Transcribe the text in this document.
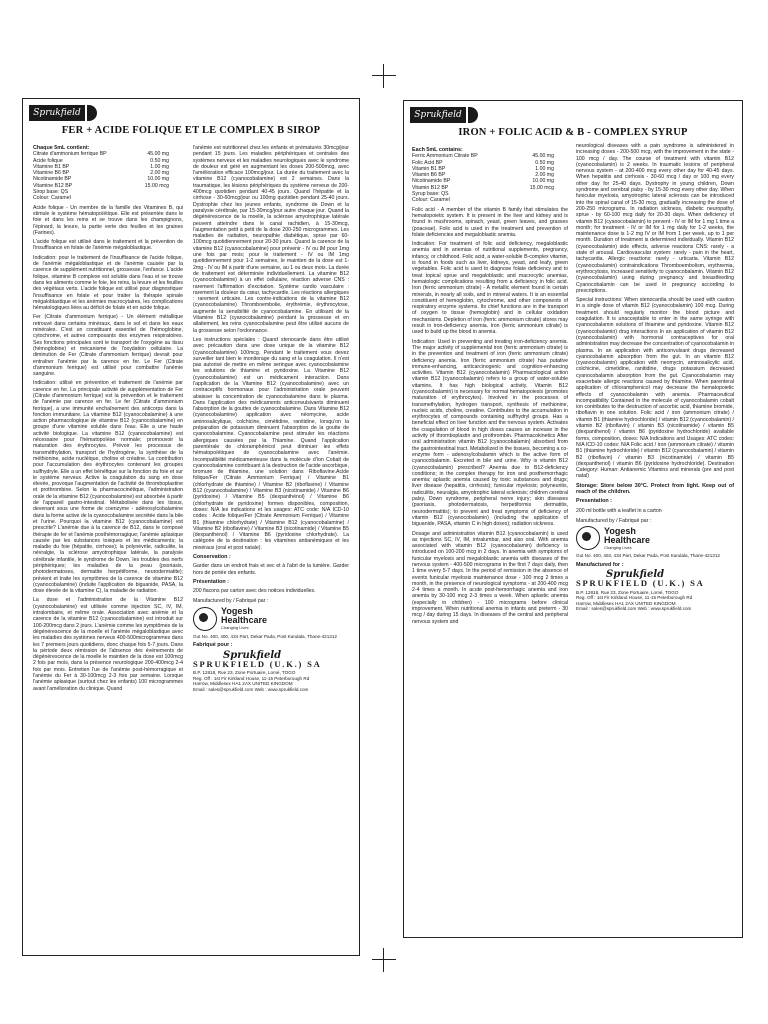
Sprukfield
FER + ACIDE FOLIQUE ET LE COMPLEX B SIROP
Chaque 5mL contient:
Citrate d'ammonium ferrique BP	45.00 mg
Acide folique	0.50 mg
Vitamine B1 BP	1.00 mg
Vitamine B6 BP	2.00 mg
Nicotinamide BP	10.00 mg
Vitamine B12 BP	15.00 mcg
Sirop base: QS	
Colour: Caramel	

Acide folique - Un membre de la famille des Vitamines B, qui stimule le système hématopoïétique. Elle est présentée dans le foie et dans les reins et se trouve dans les champignons, l'épinard, la levure, la partie verte des feuilles et les graines (Farines).

L'acide folique est utilisé dans le traitement et la prévention de l'insuffisance en folate de l'anémie mégaloblastique.

Indication: pour le traitement de l'insuffisance de l'acide folique, de l'anémie mégaloblastique et de l'anémie causée par la carence de supplément nutritionnel, grossesse, l'enfance. L'acide folique, vitamine B complexe est soluble dans l'eau et se trouve dans les aliments comme le foie, les reins, la levure et les feuilles des végétaux verts. L'acide folique est utilisé pour diagnostiquer l'insuffisance en folate et pour traiter la thérapie spinale mégaloblastique et les anémies macrocytaires, les complications hématologiques liées au déficit de folate et en acide folique.

Fer (Citrate d'ammonium ferrique) - Un élément métallique retrouvé dans certains minéraux, dans le sol et dans les eaux minérales. C'est un constituant essentiel de l'hémoglobine, cytochrome, et autres composants des enzymes respiratoires. Ses fonctions principales sont le transport de l'oxygène au tissu (hémoglobine) et mécanisme de l'oxydation cellulaire. La diminution de Fer (Citrate d'ammonium ferrique) devrait pour entraîner l'anémie par la carence en fer. Le Fer (Citrate d'ammonium ferrique) est utilisé pour combattre l'anémie sanguine.

Indication: utilisé en prévention et traitement de l'anémie par carence en fer. La principale activité de supplémentation de Fer (Citrate d'ammonium ferrique) est la prévention et le traitement de l'anémie par carence en fer. Le fer (Citrate d'ammonium ferrique), a une immunité enchaînement des anticorps dans la fonction immunitaire. La vitamine B12 (cyanocobalamine) à une action pharmacologique de vitamine B12 (cyanocobalamine) en groupe d'une vitamine soluble dans l'eau. Elle a une haute activité biologique. La vitamine B12 (cyanocobalamine) est nécessaire pour l'hématopoïèse normale; promouvoir la maturation des érythrocytes. Prévoir les processus de transméthylation, transport de l'hydrogène, la synthèse de la méthionine, acide nucléique, choline et créatine. La contribution pour l'accumulation des érythrocytes contenant les groupes sulfhydryle. Elle a un effet bénéfique sur la fonction du foie et sur le système nerveux. Active la coagulation du sang en dose élevée, provoque l'augmentation de l'activité de thromboplastine et prothrombine. Selon la pharmacocinétique, l'administration orale de la vitamine B12 (cyanocobalamine) est absorbée à partir de l'appareil gastro-intestinal. Métabolisée dans les tissus, devenant sous une forme de coenzyme - adénosylcobalamine dans la forme active de la cyanocobalamine secrétée dans la bile et l'urine. Pourquoi la vitamine B12 (cyanocobalamine) est prescrite? L'anémie due à la carence de B12, dans le composé thérapie de fer et l'anémie posthémorragique; l'anémie aplasique causée par les substances toxiques et les médicaments; la maladie du foie (hépatite, cirrhose); la polynévrite, radiculite, la névralgie, la sclérose amyotrophique latérale, la paralysie cérébrale infantile, le syndrome de Down, les troubles des nerfs périphériques; les maladies de la peau (psoriasis, photodermatoses, dermatite herpétiforme, neurodermatite); prévient et traite les symptômes de la carence de vitamine B12 (cyanocobalamine) (induite l'application de biguanide, PASA, la dose élevée de la vitamine C), la maladie de radiation.

La dose et l'administration de la Vitamine B12 (cyanocobalamine) est utilisée comme injection SC, IV, IM, intralombaire, et même orale. Association avec anémie et la carence de la vitamine B12 (cyanocobalamine) est introduit sur 100-200mcg dans 2 jours. L'anémie comme les symptômes de la dégénérescence de la moelle et l'anémie mégaloblastique avec les maladies des systèmes nerveux 400-500microgrammes dans les 7 premiers jours quotidiens, donc chaque fois 5-7 jours. Dans la période deux rémission de l'absence des événements de dégénérescence de la moelle le maintien de la dose est 100mcg 2 fois par mois, dans la présence neurologique 200-400mcg 2-4 fois par mois. Entretien l'ue de l'anémie post-hémorragique et l'anémie du Fer à 30-100mcg 2-3 fois par semaine. Lorsque l'anémie aplasique (surtout chez les enfants) 100 microgrammes avant l'amélioration du clinique. Quand

l'anémie est nutritionnel chez les enfants et prématurés 30mcg/jour pendant 15 jours. Les maladies périphériques et centrales des systèmes nerveux et les maladies neurologiques avec le syndrome de douleur est géré en augmentant les doses 200-500mcg, avec l'amélioration efficace 100mcg/jour. La durée du traitement avec la vitamine B12 (cyanocobalamine) est 2 semaines. Dans la traumatique, les lésions périphériques du système nerveux de 200-400mcg quotidien pendant 40-45 jours. Quand l'hépatite et la cirrhose - 30-60mcg/jour ou 100mg quotidien pendant 25-40 jours. Dystrophie chez les jeunes enfants, syndrome de Down et la paralysie cérébrale, par 15-30mcg/jour autre chaque jour. Quand la dégénérescence de la moelle, la sclérose amyotrophique latérale peuvent atteindre dans le canal rachidien, à 15-30mcg, l'augmentation petit à petit de la dose 200-250 microgrammes. Les maladies de radiation, neuropathie diabétique, sprue par 60-100mcg quotidiennement pour 20-30 jours. Quand la carence de la vitamine B12 (cyanocobalamine) pour prévenir - IV ou IM pour 1mg une fois par mois; pour le traitement - IV ou IM 1mg quotidiennement pour 1-2 semaines, le maintien de la dose est 1-2mg - IV ou IM à partir d'une semaine, au 1 ou deux mois. La durée de traitement est déterminée individuellement. La vitamine B12 (cyanocobalamine) à un effet cellulaire, réaction adverse CNS : rarement l'affirmation d'excitation. Système cardio vasculaire : rarement la douleur du cœur, tachycardie. Les réactions allergiques : rarement urticaire. Les contre-indications de la vitamine B12 (cyanocobalamine) Thromboembolie, érythrémie, érythrocytose, augmente la sensibilité de cyanocobalamine. En utilisant de la Vitamine B12 (cyanocobalamine) pendant la grossesse et en allaitement, les reins cyanocobalamine peut être utilisé aucuns de la grossesse selon l'ordonnance.

Les instructions spéciales : Quand stenocarde dans être utilisé avec précaution dans une dose unique de la vitamine B12 (cyanocobalamine) 100mcg. Pendant le traitement vous devez surveiller tant bien le monitorage du sang et la coagulation. Il n'est pas autorisé de mettre en même seringue avec cyanocobalamine les solutions de thiamine et pyridoxine. La Vitamine B12 (cyanocobalamine) est un médicament interaction. Dans l'application de la Vitamine B12 (cyanocobalamine) avec un contraceptifs hormonaux pour l'administration orale peuvent abaisser la concentration de cyanocobalamine dans le plasma. Dans l'application des médicaments anticonvulsivants diminuent l'absorption de la gouttes de cyanocobalamine. Dans Vitamine B12 (cyanocobalamine) application avec néomycine, acide aminosalicylique, colchicine, cimétidine, ranitidine, lorsqu'on la préparation de potassium diminuent l'absorption de la goutte de cyanocobalamine. Cyanocobalamine peut stimuler les réactions allergiques causées par la Thiamine. Quand l'application parentérale de chloramphénicol peut diminuer les effets hématopoïétiques de cyanocobalamine avec l'anémie. Incompatibilité médicamenteuse dans la molécule d'ion Cobalt de cyanocobalamine contribuant à la destruction de l'acide ascorbique, bromure de thiamine, une solution dans Riboflavine.Acide folique/Fer (Citrate Ammonium Ferrique) / Vitamine B1 (chlorhydrate de thiamine) / Vitamine B2 (riboflavine) / Vitamine B12 (cyanocobalamine) / Vitamine B3 (nicotinamide) / Vitamine B6 (pyridoxine) / Vitamine B5 (dexpanthénol) / Vitamine B6 (chlorhydrate de pyridoxine) formes disponibles, composition, doses: N/A les indications et les usages: ATC code: N/A ICD-10 codes : Acide folique/Fer (Citrate Ammonium Ferrique) / Vitamine B1 (thiamine chlorhydrate) / Vitamine B12 (cyanocobalamine) / Vitamine B2 (riboflavine) / Vitamine B3 (nicotinamide) / Vitamine B5 (dexpanthénol) / Vitamine B6 (pyridoxine chlorhydrate). La catégorie de la destination : les vitamines antianémiques et les minéraux (oral et post natale).

Conservation :

Garder dans un endroit frais et sec et à l'abri de la lumière. Garder hors de portée des enfants.

Présentation :

200 flacons par carton avec des notices individuelles.

Manufactured by / Fabriqué par :
Yogesh
Healthcare
Changing Lives
Gut No. 400, 400, 434 Part, Dekar Pada, Post Kandala, Thane-421312
Fabriqué pour :
Sprukfield
SPRUKFIELD (U.K.) SA
B.P. 12818, Rue 23, Zone Portuaire, Lomé, TOGO
Reg. Off : 1st Fir Kirkland House, 11-15 Peterborough Rd
Harrow, Middlesex HA1 2AX UNITED KINGDOM
Email : sales@sprukfield.com Web : www.sprukfield.com
Sprukfield
IRON + FOLIC ACID & B - COMPLEX SYRUP
Each 5mL contains:
Ferric Ammonium Citrate BP	45.00 mg
Folic Acid BP	0.50 mg
Vitamin B1 BP	1.00 mg
Vitamin B6 BP	2.00 mg
Nicotinamide BP	10.00 mg
Vitamin B12 BP	15.00 mcg
Syrup base: QS	
Colour: Caramel	

Folic acid - A member of the vitamin B family that stimulates the hematopoietic system. It is present in the liver and kidney and is found in mushrooms, spinach, yeast, green leaves, and grasses (poaceae). Folic acid is used in the treatment and prevention of folate deficiencies and megaloblastic anemia.

Indication: For treatment of folic acid deficiency, megaloblastic anemia and in anemias of nutritional supplements, pregnancy, infancy, or childhood. Folic acid, a water-soluble B-complex vitamin, is found in foods such as liver, kidneys, yeast, and leafy, green vegetables. Folic acid is used to diagnose folate deficiency and to treat topical sprue and megaloblastic and macrocytic anemias, hematologic complications resulting from a deficiency in folic acid. Iron (ferric ammonium citrate) - A metallic element found in certain minerals, in nearly all soils, and in mineral waters. It is an essential constituent of hemoglobin, cytochrome, and other components of respiratory enzyme systems. Its chief functions are in the transport of oxygen to tissue (hemoglobin) and in cellular oxidation mechanisms. Depletion of iron (ferric ammonium citrate) stores may result in iron-deficiency anemia. Iron (ferric ammonium citrate) is used to build up the blood in anemia.

Indication: Used in preventing and treating iron-deficiency anemia. The major activity of supplemental iron (ferric ammonium citrate) is in the prevention and treatment of iron (ferric ammonium citrate) deficiency anemia. Iron (ferric ammonium citrate) has putative immune-enhancing, anticarcinogenic and cognition-enhancing activities. Vitamin B12 (cyanocobalamin) Pharmacological action vitamin B12 (cyanocobalamin) refers to a group of water-soluble vitamins. It has high biological activity. Vitamin B12 (cyanocobalamin) is necessary for normal hematopoiesis (promotes maturation of erythrocytes). Involved in the processes of transmethylation, hydrogen transport, synthesis of methionine, nucleic acids, choline, creatine. Contributes to the accumulation in erythrocytes of compounds containing sulfhydryl groups. Has a beneficial effect on liver function and the nervous system. Activates the coagulation of blood in high doses causes an increase in the activity of thromboplastin and prothrombin. Pharmacokinetics After oral administration vitamin B12 (cyanocobalamin) absorbed from the gastrointestinal tract. Metabolized in the tissues, becoming a co-enzyme form - adenosylcobalamin which is the active form of cyanocobalamin. Excreted in bile and urine. Why is vitamin B12 (cyanocobalamin) prescribed? Anemia due to B12-deficiency conditions; in the complex therapy for iron and posthemorrhagic anemia; aplastic anemia caused by toxic substances and drugs; liver disease (hepatitis, cirrhosis); funicular myelosis; polyneuritis, radiculitis, neuralgia, amyotrophic lateral sclerosis; children cerebral palsy, Down syndrome, peripheral nerve injury; skin diseases (psoriasis, photodermatosis, herpetiformis dermatitis, neurodermatitis); to prevent and treat symptoms of deficiency of vitamin B12 (cyanocobalamin) (including the application of biguanide, PASA, vitamin C in high doses); radiation sickness.

Dosage and administration vitamin B12 (cyanocobalamin) is used as injections SC, IV, IM, intralumbar, and also oral. With anemia associated with vitamin B12 (cyanocobalamin) deficiency is introduced on 100-200 mcg in 2 days. In anemia with symptoms of funicular myelosis and megaloblastic anemia with diseases of the nervous system - 400-500 micrograms in the first 7 days daily, then 1 time every 5-7 days. In the period of remission in the absence of events funicular myelosis maintenance dose - 100 mcg 2 times a month, in the presence of neurological symptoms - at 200-400 mcg 2-4 times a month. In acute post-hemorrhagic anemia and iron anemia by 30-100 mcg 2-3 times a week. When aplastic anemia (especially in children) - 100 micrograms before clinical improvement. When nutritional anemia in infants and preterm - 30 mcg / day during 15 days. In diseases of the central and peripheral nervous system and

neurological diseases with a pain syndrome is administered in increasing doses - 200-500 mcg, with the improvement in the state - 100 mcg / day. The course of treatment with vitamin B12 (cyanocobalamin) is 2 weeks. In traumatic lesions of peripheral nervous system - at 200-400 mcg every other day for 40-45 days. When hepatitis and cirrhosis - 30-60 mcg / day or 100 mg every other day for 25-40 days. Dystrophy in young children, Down syndrome and cerebral palsy - by 15-30 mcg every other day. When funicular myelosis, amyotrophic lateral sclerosis can be introduced into the spinal canal of 15-30 mcg, gradually increasing the dose of 200-250 micrograms. In radiation sickness, diabetic neuropathy, sprue - by 60-100 mcg daily for 20-30 days. When deficiency of vitamin B12 (cyanocobalamin) to prevent - IV or IM for 1 mg 1 time a month; for treatment - IV or IM for 1 mg daily for 1-2 weeks, the maintenance dose is 1-2 mg IV or IM from 1 per week, up to 1 per month. Duration of treatment is determined individually. Vitamin B12 (cyanocobalamin) side effects, adverse reactions CNS: rarely - a state of arousal. Cardiovascular system: rarely - pain in the heart, tachycardia. Allergic reactions: rarely - urticaria. Vitamin B12 (cyanocobalamin) contraindications Thromboembolism, erythremia, erythrocytosis, increased sensitivity to cyanocobalamin. Vitamin B12 (cyanocobalamin) using during pregnancy and breastfeeding Cyanocobalamin can be used in pregnancy according to prescriptions.

Special instructions: When stenocardia should be used with caution in a single dose of vitamin B12 (cyanocobalamin) 100 mcg. During treatment should regularly monitor the blood picture and coagulation. It is unacceptable to enter in the same syringe with cyanocobalamin solutions of thiamine and pyridoxine. Vitamin B12 (cyanocobalamin) drug interactions In an application of vitamin B12 (cyanocobalamin) with hormonal contraceptives for oral administration may decrease the concentration of cyanocobalamin in plasma. In an application with anticonvulsant drugs decreased cyanocobalamin absorption from the gut. In an vitamin B12 (cyanocobalamin) application with neomycin, aminosalicylic acid, colchicine, cimetidine, ranitidine, drugs potassium decreased cyanocobalamin absorption from the gut. Cyanocobalamin may exacerbate allergic reactions caused by thiamine. When parenteral application of chloramphenicol may decrease the hematopoietic effects of cyanocobalamin with anemia. Pharmaceutical incompatibility Contained in the molecule of cyanocobalamin cobalt ion contributes to the destruction of ascorbic acid, thiamine bromide, riboflavin in one solution. Folic acid / iron (ammonium citrate) / vitamin B1 (thiamine hydrochloride) / vitamin B12 (cyanocobalamin) / vitamin B2 (riboflavin) / vitamin B3 (nicotinamide) / vitamin B5 (dexpanthenol) / vitamin B6 (pyridoxine hydrochloride) available forms, composition, doses: N/A Indications and Usages: ATC codes: N/A ICD-10 codes: N/A Folic acid / iron (ammonium citrate) / vitamin B1 (thiamine hydrochloride) / vitamin B12 (cyanocobalamin) / vitamin B2 (riboflavin) / vitamin B3 (nicotinamide) / vitamin B5 (dexpanthenol) / vitamin B6 (pyridoxine hydrochloride). Destination Category: Human: Antianemic Vitamins and minerals (pre and post natal)

Storage: Store below 30°C. Protect from light. Keep out of reach of the children.

Presentation :

200 ml bottle with a leaflet in a carton

Manufactured by / Fabriqué par :
Yogesh
Healthcare
Changing Lives
Gut No. 400, 403, 434 Part, Dekar Pada, Post Kandala, Thane-421312
Manufactured for :
Sprukfield
SPRUKFIELD (U.K.) SA
B.P. 12818, Rue 23, Zone Portuaire, Lomé, TOGO
Reg. Off : 1st Fir Kirkland House, 11-15 Peterborough Rd
Harrow, Middlesex HA1 2AX UNITED KINGDOM
Email : sales@sprukfield.com Web : www.sprukfield.com
